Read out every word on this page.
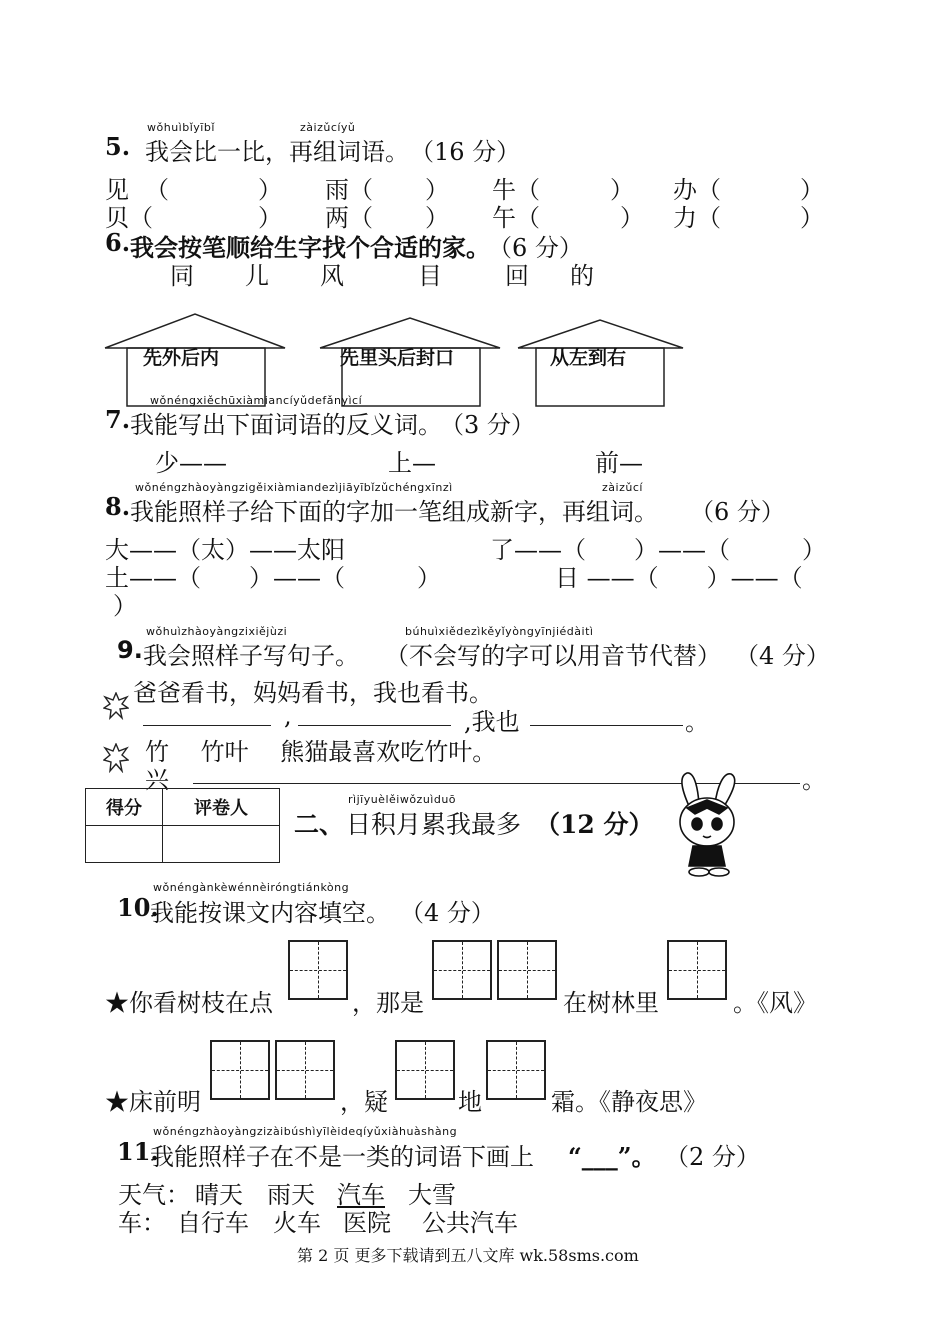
wǒhuìbǐyībǐ	zàizǔcíyǔ
5. 我会比一比，再组词语。 （16 分）
见 （	） 雨（ ） 牛（	） 办（	）
贝（	） 两（ ） 午（	） 力（	）
6. 我会按笔顺给生字找个合适的家。
（6 分）
同 儿 风	目	回 的
先外后内	先里头后封口	从左到右
wǒnéngxiěchūxiàmiancíyǔdefǎnyìcí
7. 我能写出下面词语的反义词。
（3 分）
少——	上—	前—
wǒnéngzhàoyàngzigěixiàmiandezìjiāyībǐzǔchéngxīnzì	zàizǔcí
8. 我能照样子给下面的字加一笔组成新字，再组词。 （6 分）
大——（太）——太阳	了——（　　）——（　　　）
土——（　　）——（　　　）	日 ——（　　）——（
）
wǒhuìzhàoyàngzixiějùzi	búhuìxiědezìkěyǐyòngyīnjiédàitì
9. 我会照样子写句子。 （不会写的字可以用音节代替） （4 分）
爸爸看书，妈妈看书，我也看书。
,	,我也	。
竹　 竹叶　 熊猫最喜欢吃竹叶。
兴	。
得分	评卷人
		rìjīyuèlěiwǒzuìduō
二、 日积月累我最多 （12 分）
wǒnéngànkèwénnèiróngtiánkòng
10.
我能按课文内容填空。 （4 分）
★你看树枝在点	，那是	在树林里	。《风》
★床前明	，疑	地	霜。《静夜思》
wǒnéngzhàoyàngzizàibúshìyīlèideqíyǔxiàhuàshàng
11.
我能照样子在不是一类的词语下画上 “___”。 （2 分）
天气： 晴天 雨天 汽车 大雪
车： 自行车 火车 医院 公共汽车
第 2 页 更多下载请到五八文库 wk.58sms.com
